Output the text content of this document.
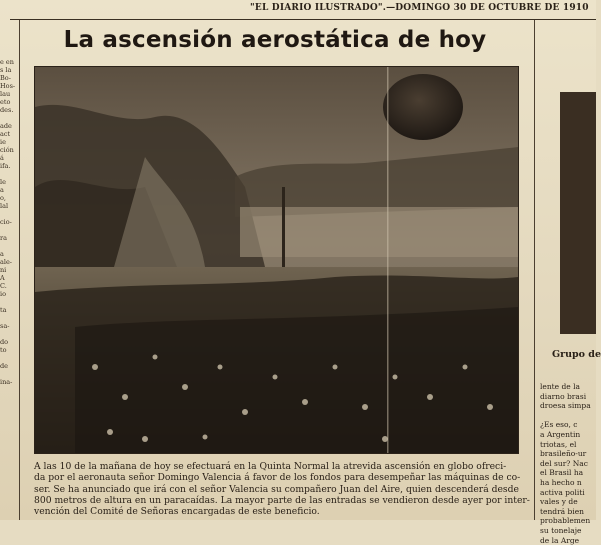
"EL DIARIO ILUSTRADO".—DOMINGO 30 DE OCTUBRE DE 1910
e en
s la
Bo-
Hos-
lau
eto
des.

ade
act
ie
ción
á
ifa.

le
a
o,
lal

cio-

ra

a
ale-
ni
A
C.
io

ta

sa-

do
to

de

ina-
La ascensión aerostática de hoy
A las 10 de la mañana de hoy se efectuará en la Quinta Normal la atrevida ascensión en globo ofreci-
da por el aeronauta señor Domingo Valencia á favor de los fondos para desempeñar las máquinas de co-
ser. Se ha anunciado que irá con el señor Valencia su compañero Juan del Aire, quien descenderá desde
800 metros de altura en un paracaídas. La mayor parte de las entradas se vendieron desde ayer por inter-
vención del Comité de Señoras encargadas de este beneficio.
Grupo de
lente de la
diarno brasi
droesa simpa

¿Es eso, c
a Argentin
triotas, el
brasileño-ur
del sur? Nac
el Brasil ha
ha hecho n
activa politi
vales y de
tendrá bien
probablemen
su tonelaje
de la Arge
